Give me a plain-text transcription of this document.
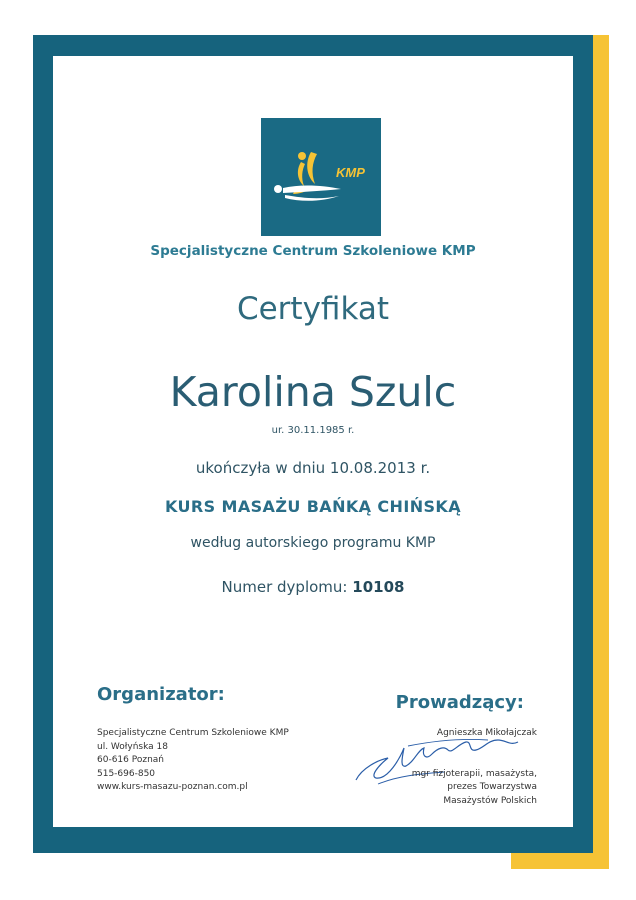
KMP
Specjalistyczne Centrum Szkoleniowe KMP
Certyfikat
Karolina Szulc
ur. 30.11.1985 r.
ukończyła w dniu 10.08.2013 r.
KURS MASAŻU BAŃKĄ CHIŃSKĄ
według autorskiego programu KMP
Numer dyplomu: 10108
Organizator:	Prowadzący:
Specjalistyczne Centrum Szkoleniowe KMP
ul. Wołyńska 18
60-616 Poznań
515-696-850
www.kurs-masazu-poznan.com.pl
Agnieszka Mikołajczak
mgr fizjoterapii, masażysta,
prezes Towarzystwa
Masażystów Polskich
